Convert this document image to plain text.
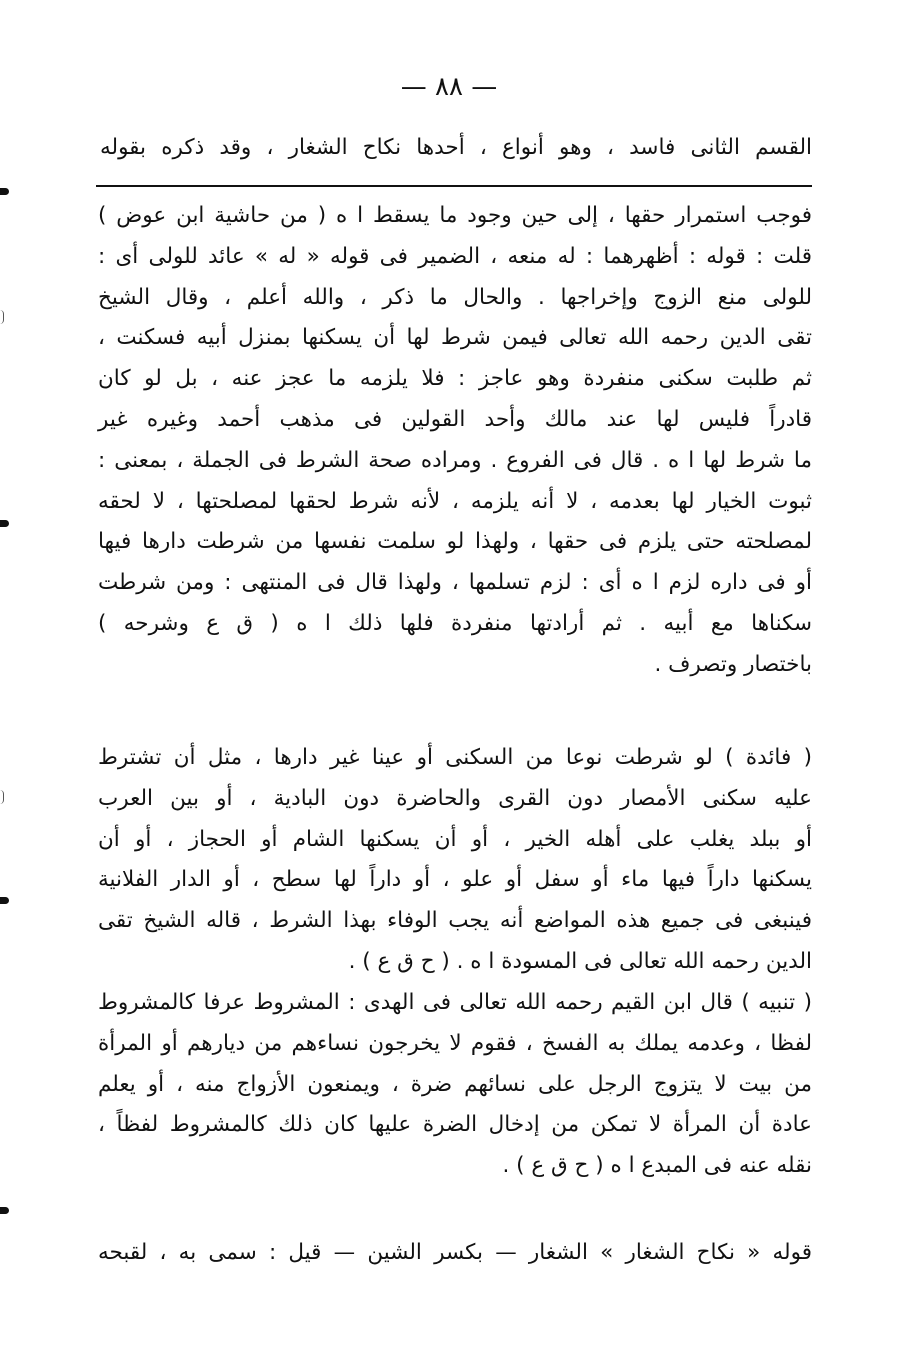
— ٨٨ —
القسم الثانى فاسد ، وهو أنواع ، أحدها نكاح الشغار ، وقد ذكره بقوله
فوجب استمرار حقها ، إلى حين وجود ما يسقط ا ه ( من حاشية ابن عوض )
قلت : قوله : أظهرهما : له منعه ، الضمير فى قوله « له » عائد للولى أى :
للولى منع الزوج وإخراجها . والحال ما ذكر ، والله أعلم ، وقال الشيخ
تقى الدين رحمه الله تعالى فيمن شرط لها أن يسكنها بمنزل أبيه فسكنت ،
ثم طلبت سكنى منفردة وهو عاجز : فلا يلزمه ما عجز عنه ، بل لو كان
قادراً فليس لها عند مالك وأحد القولين فى مذهب أحمد وغيره غير
ما شرط لها ا ه . قال فى الفروع . ومراده صحة الشرط فى الجملة ، بمعنى :
ثبوت الخيار لها بعدمه ، لا أنه يلزمه ، لأنه شرط لحقها لمصلحتها ، لا لحقه
لمصلحته حتى يلزم فى حقها ، ولهذا لو سلمت نفسها من شرطت دارها فيها
أو فى داره لزم ا ه أى : لزم تسلمها ، ولهذا قال فى المنتهى : ومن شرطت
سكناها مع أبيه . ثم أرادتها منفردة فلها ذلك ا ه ( ق ع وشرحه )
باختصار وتصرف .
( فائدة ) لو شرطت نوعا من السكنى أو عينا غير دارها ، مثل أن تشترط
عليه سكنى الأمصار دون القرى والحاضرة دون البادية ، أو بين العرب
أو ببلد يغلب على أهله الخير ، أو أن يسكنها الشام أو الحجاز ، أو أن
يسكنها داراً فيها ماء أو سفل أو علو ، أو داراً لها سطح ، أو الدار الفلانية
فينبغى فى جميع هذه المواضع أنه يجب الوفاء بهذا الشرط ، قاله الشيخ تقى
الدين رحمه الله تعالى فى المسودة ا ه . ( ح ق ع ) .
( تنبيه ) قال ابن القيم رحمه الله تعالى فى الهدى : المشروط عرفا كالمشروط
لفظا ، وعدمه يملك به الفسخ ، فقوم لا يخرجون نساءهم من ديارهم أو المرأة
من بيت لا يتزوج الرجل على نسائهم ضرة ، ويمنعون الأزواج منه ، أو يعلم
عادة أن المرأة لا تمكن من إدخال الضرة عليها كان ذلك كالمشروط لفظاً ،
نقله عنه فى المبدع ا ه ( ح ق ع ) .
قوله « نكاح الشغار » الشغار — بكسر الشين — قيل : سمى به ، لقبحه
